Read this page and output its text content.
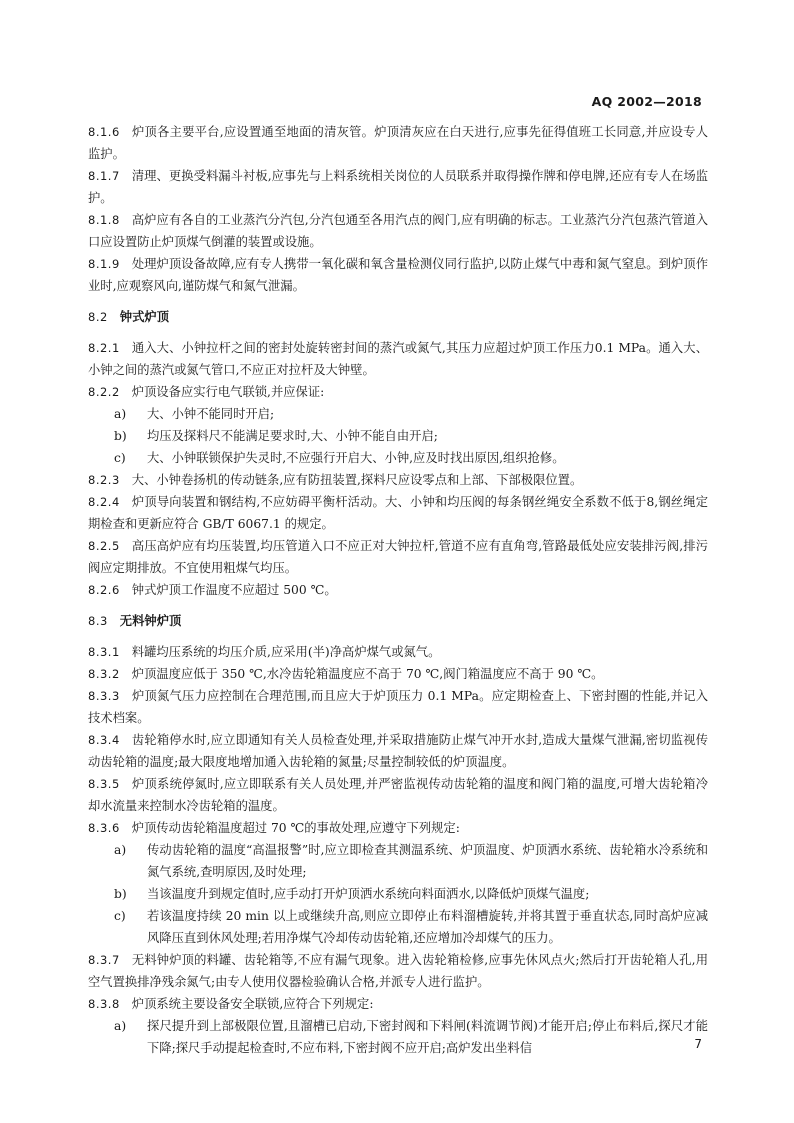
AQ 2002—2018

8.1.6 炉顶各主要平台,应设置通至地面的清灰管。炉顶清灰应在白天进行,应事先征得值班工长同意,并应设专人监护。

8.1.7 清理、更换受料漏斗衬板,应事先与上料系统相关岗位的人员联系并取得操作牌和停电牌,还应有专人在场监护。

8.1.8 高炉应有各自的工业蒸汽分汽包,分汽包通至各用汽点的阀门,应有明确的标志。工业蒸汽分汽包蒸汽管道入口应设置防止炉顶煤气倒灌的装置或设施。

8.1.9 处理炉顶设备故障,应有专人携带一氧化碳和氧含量检测仪同行监护,以防止煤气中毒和氮气窒息。到炉顶作业时,应观察风向,谨防煤气和氮气泄漏。

8.2 钟式炉顶

8.2.1 通入大、小钟拉杆之间的密封处旋转密封间的蒸汽或氮气,其压力应超过炉顶工作压力0.1 MPa。通入大、小钟之间的蒸汽或氮气管口,不应正对拉杆及大钟壁。

8.2.2 炉顶设备应实行电气联锁,并应保证:

a)	大、小钟不能同时开启;
b)	均压及探料尺不能满足要求时,大、小钟不能自由开启;
c)	大、小钟联锁保护失灵时,不应强行开启大、小钟,应及时找出原因,组织抢修。

8.2.3 大、小钟卷扬机的传动链条,应有防扭装置,探料尺应设零点和上部、下部极限位置。

8.2.4 炉顶导向装置和钢结构,不应妨碍平衡杆活动。大、小钟和均压阀的每条钢丝绳安全系数不低于8,钢丝绳定期检查和更新应符合 GB/T 6067.1 的规定。

8.2.5 高压高炉应有均压装置,均压管道入口不应正对大钟拉杆,管道不应有直角弯,管路最低处应安装排污阀,排污阀应定期排放。不宜使用粗煤气均压。

8.2.6 钟式炉顶工作温度不应超过 500 ℃。

8.3 无料钟炉顶

8.3.1 料罐均压系统的均压介质,应采用(半)净高炉煤气或氮气。

8.3.2 炉顶温度应低于 350 ℃,水冷齿轮箱温度应不高于 70 ℃,阀门箱温度应不高于 90 ℃。

8.3.3 炉顶氮气压力应控制在合理范围,而且应大于炉顶压力 0.1 MPa。应定期检查上、下密封圈的性能,并记入技术档案。

8.3.4 齿轮箱停水时,应立即通知有关人员检查处理,并采取措施防止煤气冲开水封,造成大量煤气泄漏,密切监视传动齿轮箱的温度;最大限度地增加通入齿轮箱的氮量;尽量控制较低的炉顶温度。

8.3.5 炉顶系统停氮时,应立即联系有关人员处理,并严密监视传动齿轮箱的温度和阀门箱的温度,可增大齿轮箱冷却水流量来控制水冷齿轮箱的温度。

8.3.6 炉顶传动齿轮箱温度超过 70 ℃的事故处理,应遵守下列规定:

a)	传动齿轮箱的温度“高温报警”时,应立即检查其测温系统、炉顶温度、炉顶洒水系统、齿轮箱水冷系统和氮气系统,查明原因,及时处理;
b)	当该温度升到规定值时,应手动打开炉顶洒水系统向料面洒水,以降低炉顶煤气温度;
c)	若该温度持续 20 min 以上或继续升高,则应立即停止布料溜槽旋转,并将其置于垂直状态,同时高炉应减风降压直到休风处理;若用净煤气冷却传动齿轮箱,还应增加冷却煤气的压力。

8.3.7 无料钟炉顶的料罐、齿轮箱等,不应有漏气现象。进入齿轮箱检修,应事先休风点火;然后打开齿轮箱人孔,用空气置换排净残余氮气;由专人使用仪器检验确认合格,并派专人进行监护。

8.3.8 炉顶系统主要设备安全联锁,应符合下列规定:

a)	探尺提升到上部极限位置,且溜槽已启动,下密封阀和下料闸(料流调节阀)才能开启;停止布料后,探尺才能下降;探尺手动提起检查时,不应布料,下密封阀不应开启;高炉发出坐料信	7
